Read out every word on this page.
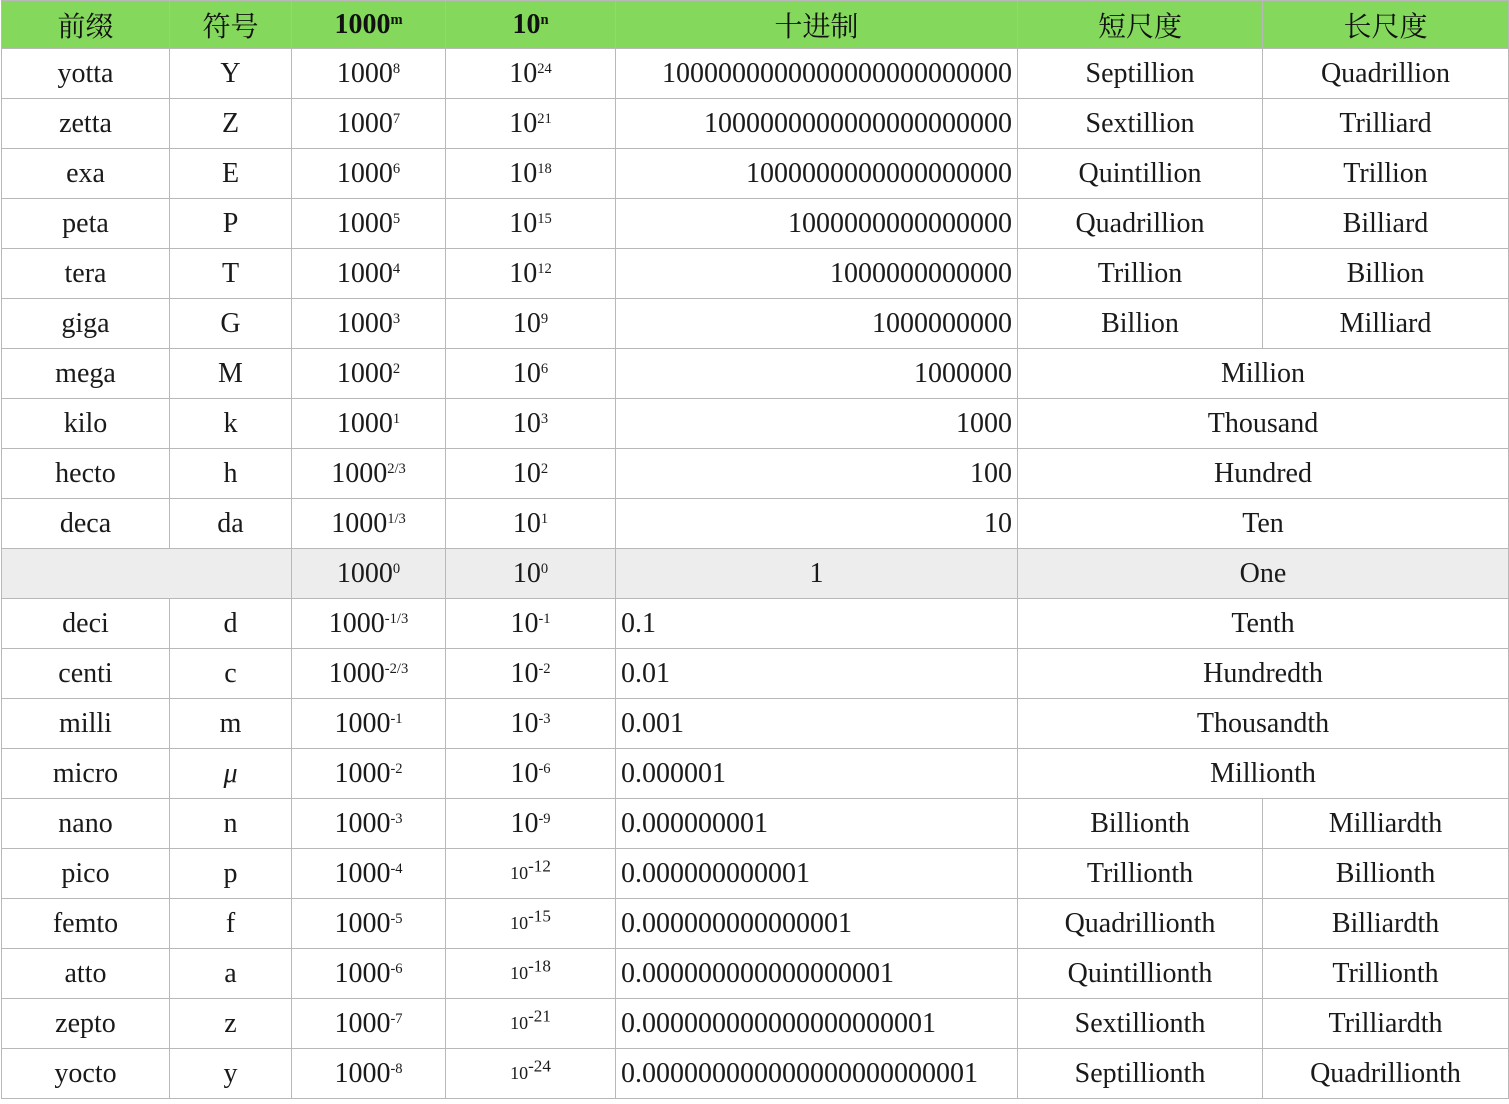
前缀	符号	1000$^m$	10$^n$	十进制	短尺度	长尺度
yotta	Y	1000$^8$	$10^{24}$	1000000000000000000000000	Septillion	Quadrillion
zetta	Z	1000$^7$	$10^{21}$	1000000000000000000000	Sextillion	Trilliard
exa	E	1000$^6$	$10^{18}$	1000000000000000000	Quintillion	Trillion
peta	P	1000$^5$	$10^{15}$	1000000000000000	Quadrillion	Billiard
tera	T	1000$^4$	$10^{12}$	1000000000000	Trillion	Billion
giga	G	1000$^3$	$10^9$	1000000000	Billion	Milliard
mega	M	1000$^2$	$10^6$	1000000	Million	
kilo	k	1000$^1$	$10^3$	1000	Thousand	
hecto	h	$1000^{2/3}$	$10^2$	100	Hundred	
deca	da	$1000^{1/3}$	$10^1$	10	Ten	
		1000$^0$	$10^0$	1	One	
deci	d	$1000^{-1/3}$	$10^{-1}$	0.1	Tenth	
centi	c	$1000^{-2/3}$	$10^{-2}$	0.01	Hundredth	
milli	m	$1000^{-1}$	$10^{-3}$	0.001	Thousandth	
micro	μ	$1000^{-2}$	$10^{-6}$	0.000001	Millionth	
nano	n	$1000^{-3}$	$10^{-9}$	0.000000001	Billionth	Milliardth
pico	p	$1000^{-4}$	$10^{-12}$	0.000000000001	Trillionth	Billionth
femto	f	$1000^{-5}$	$10^{-15}$	0.000000000000001	Quadrillionth	Billiardth
atto	a	$1000^{-6}$	$10^{-18}$	0.000000000000000001	Quintillionth	Trillionth
zepto	z	$1000^{-7}$	$10^{-21}$	0.000000000000000000001	Sextillionth	Trilliardth
yocto	y	$1000^{-8}$	$10^{-24}$	0.000000000000000000000001	Septillionth	Quadrillionth
